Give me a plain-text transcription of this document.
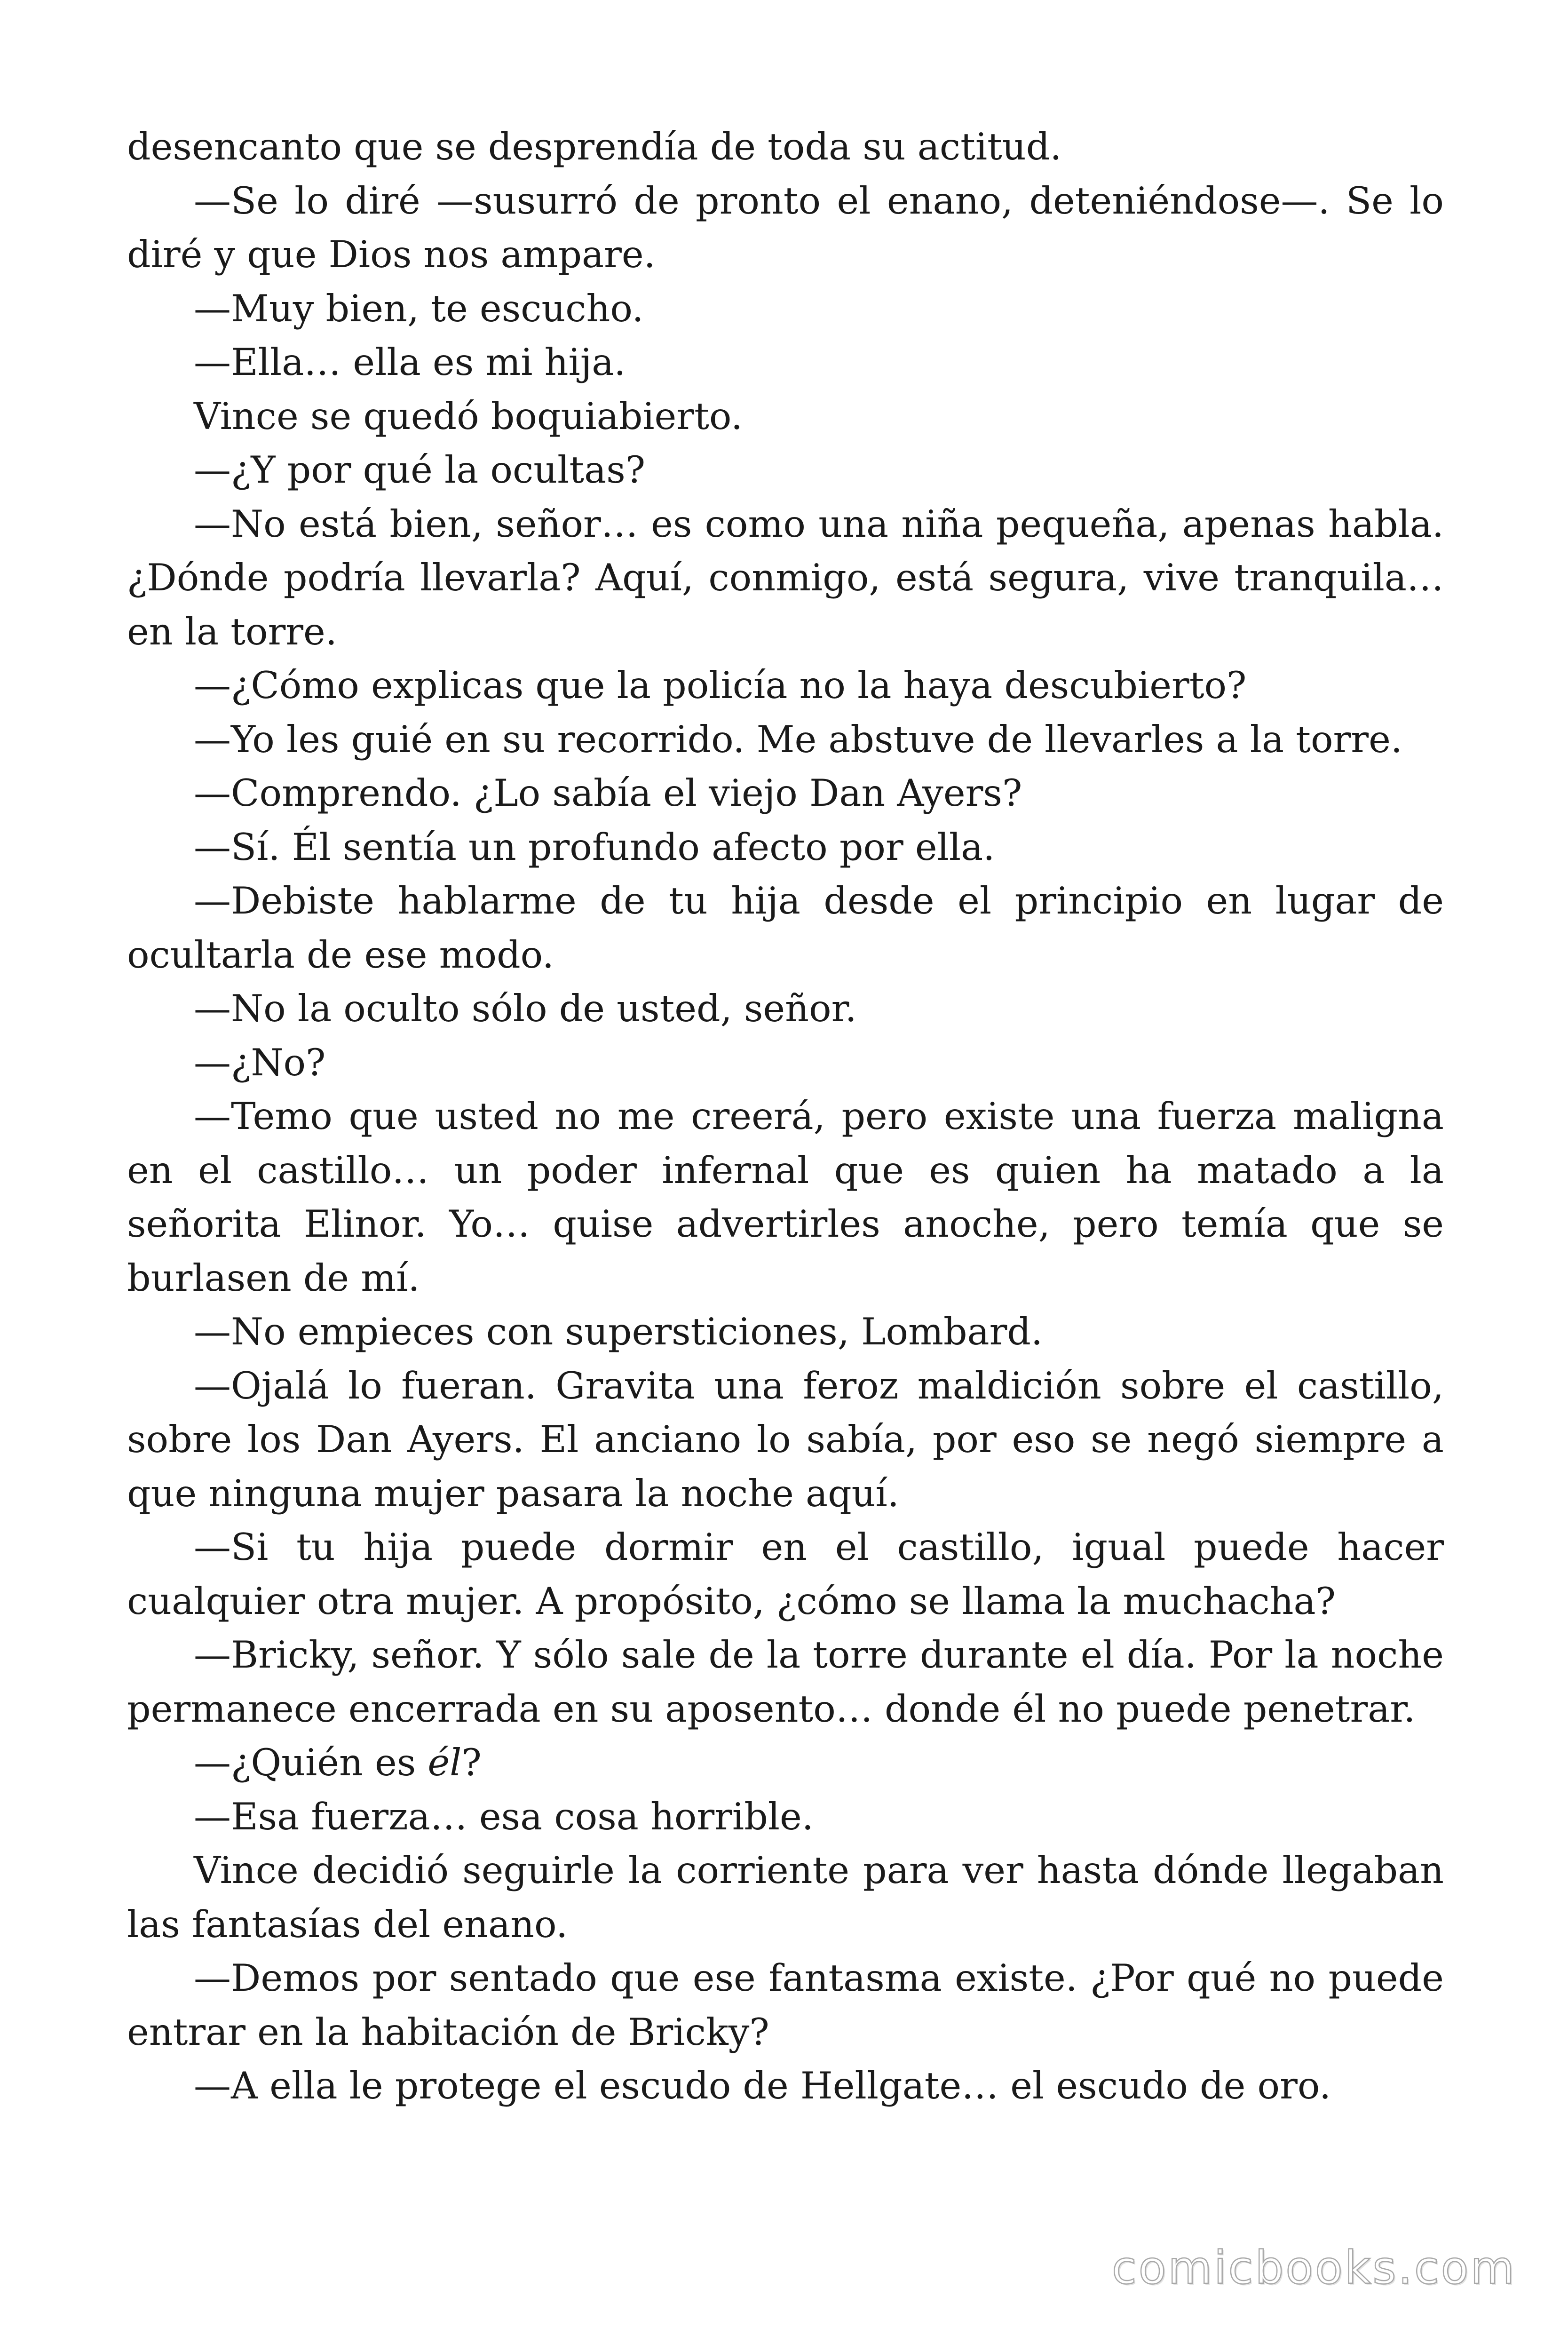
desencanto que se desprendía de toda su actitud.

—Se lo diré —susurró de pronto el enano, deteniéndose—. Se lo diré y que Dios nos ampare.

—Muy bien, te escucho.

—Ella… ella es mi hija.

Vince se quedó boquiabierto.

—¿Y por qué la ocultas?

—No está bien, señor… es como una niña pequeña, apenas habla. ¿Dónde podría llevarla? Aquí, conmigo, está segura, vive tranquila… en la torre.

—¿Cómo explicas que la policía no la haya descubierto?

—Yo les guié en su recorrido. Me abstuve de llevarles a la torre.

—Comprendo. ¿Lo sabía el viejo Dan Ayers?

—Sí. Él sentía un profundo afecto por ella.

—Debiste hablarme de tu hija desde el principio en lugar de ocultarla de ese modo.

—No la oculto sólo de usted, señor.

—¿No?

—Temo que usted no me creerá, pero existe una fuerza maligna en el castillo… un poder infernal que es quien ha matado a la señorita Elinor. Yo… quise advertirles anoche, pero temía que se burlasen de mí.

—No empieces con supersticiones, Lombard.

—Ojalá lo fueran. Gravita una feroz maldición sobre el castillo, sobre los Dan Ayers. El anciano lo sabía, por eso se negó siempre a que ninguna mujer pasara la noche aquí.

—Si tu hija puede dormir en el castillo, igual puede hacer cualquier otra mujer. A propósito, ¿cómo se llama la muchacha?

—Bricky, señor. Y sólo sale de la torre durante el día. Por la noche permanece encerrada en su aposento… donde él no puede penetrar.

—¿Quién es él?

—Esa fuerza… esa cosa horrible.

Vince decidió seguirle la corriente para ver hasta dónde llegaban las fantasías del enano.

—Demos por sentado que ese fantasma existe. ¿Por qué no puede entrar en la habitación de Bricky?

—A ella le protege el escudo de Hellgate… el escudo de oro.

comicbooks.com
